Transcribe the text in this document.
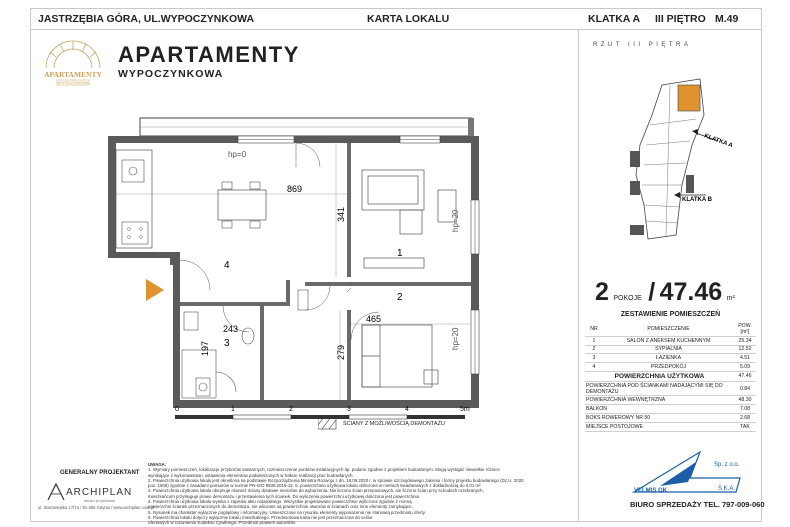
JASTRZĘBIA GÓRA, UL.WYPOCZYNKOWA	KARTA LOKALU	KLATKA A III PIĘTRO M.49
APARTAMENTY
WYPOCZYNKOWA
APARTAMENTY
WYPOCZYNKOWA
hp=0
hp=20
hp=20
869
341
465
279
243
197
1
2
3
4
RZUT III PIĘTRA
KLATKA A
KLATKA B
2 POKOJE / 47.46 m²
ZESTAWIENIE POMIESZCZEŃ
NR	POMIESZCZENIE	POW. [m²]
1	SALON Z ANEKSEM KUCHENNYM	25.34
2	SYPIALNIA	12.52
3	ŁAZIENKA	4.51
4	PRZEDPOKÓJ	5.09
POWIERZCHNIA UŻYTKOWA		47.46
POWIERZCHNIA POD ŚCIANKAMI NADAJĄCYMI SIĘ DO DEMONTAŻU		0.84
POWIERZCHNIA WEWNĘTRZNA		48.30
BALKON		7.08
BOKS ROWEROWY NR 50		2.68
MIEJSCE POSTOJOWE		TAK
0	1	2	3	4	5m
ŚCIANY Z MOŻLIWOŚCIĄ DEMONTAŻU
UWAGA:
1. Wymiary pomieszczeń, lokalizacje przyborów sanitarnych, rozmieszczenie punktów instalacyjnych itp. podano zgodnie z projektem budowlanym. Mogą wystąpić niewielkie różnice
wynikające z wykonawstwa i ustawienia elementów podwieszonych w trakcie realizacji prac budowlanych.
2. Powierzchnia użytkowa lokalu jest określona na podstawie Rozporządzenia Ministra Rozwoju z dn. 18.09.2020 r. w sprawie szczegółowego zakresu i formy projektu budowlanego (Dz.U. 2020
poz. 1609) zgodnie z zasadami pomiarów w normie PN-ISO 9836:2015-12. 5. powierzchnia użytkowa lokalu obliczona w metrach kwadratowych z dokładnością do 0,01 m²
3. Powierzchnia użytkowa lokalu obejmuje również ściany działowe nienośne do wyburzenia. Nie liczono ścian przepustowych, nie liczono ścian przy schodach rozebranych,
mieszkańcom przysługuje prawo demontażu i przestawienia tych ścianek. Do wyliczenia powierzchni użytkowej doliczona jest powierzchnia
4. Powierzchnia użytkowa lokalu wynika z zapisów aktu notarialnego. Wszystkie projektowane powierzchnie wyliczone zgodnie z normą
powierzchni ścianek przeznaczonych do demontażu, nie wliczane są powierzchnie otworów w ścianach oraz inne elementy zamykające.
5. Rysunek ma charakter wyłącznie poglądowy i informacyjny. Umieszczone na rysunku elementy wyposażenia nie stanowią przedmiotu oferty.
6. Powierzchnia lokalu dotyczy wyłącznie lokalu mieszkalnego. Przedmiotowa karta nie jest przeznaczona do celów
ofertowych w rozumieniu Kodeksu Cywilnego. Przedmiot prawem autorskim.
GENERALNY PROJEKTANT
ARCHIPLAN
studio projektowe
ul. Starowiejska 17/7a / 81-356 Gdynia / www.archiplan.com.pl
VELMIS GK
Sp. z o.o.
S.K.A.
BIURO SPRZEDAŻY TEL. 797-009-060
